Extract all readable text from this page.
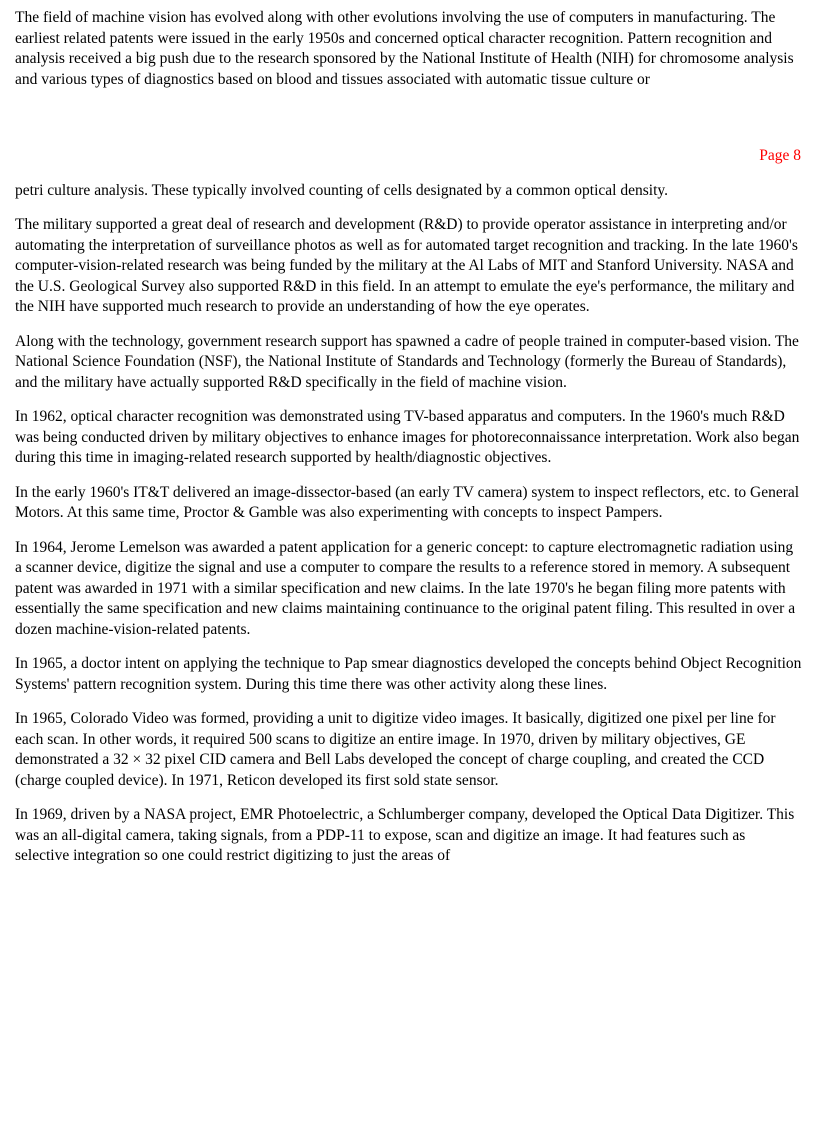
The field of machine vision has evolved along with other evolutions involving the use of computers in manufacturing. The earliest related patents were issued in the early 1950s and concerned optical character recognition. Pattern recognition and analysis received a big push due to the research sponsored by the National Institute of Health (NIH) for chromosome analysis and various types of diagnostics based on blood and tissues associated with automatic tissue culture or

Page 8

petri culture analysis. These typically involved counting of cells designated by a common optical density.

The military supported a great deal of research and development (R&D) to provide operator assistance in interpreting and/or automating the interpretation of surveillance photos as well as for automated target recognition and tracking. In the late 1960's computer-vision-related research was being funded by the military at the Al Labs of MIT and Stanford University. NASA and the U.S. Geological Survey also supported R&D in this field. In an attempt to emulate the eye's performance, the military and the NIH have supported much research to provide an understanding of how the eye operates.

Along with the technology, government research support has spawned a cadre of people trained in computer-based vision. The National Science Foundation (NSF), the National Institute of Standards and Technology (formerly the Bureau of Standards), and the military have actually supported R&D specifically in the field of machine vision.

In 1962, optical character recognition was demonstrated using TV-based apparatus and computers. In the 1960's much R&D was being conducted driven by military objectives to enhance images for photoreconnaissance interpretation. Work also began during this time in imaging-related research supported by health/diagnostic objectives.

In the early 1960's IT&T delivered an image-dissector-based (an early TV camera) system to inspect reflectors, etc. to General Motors. At this same time, Proctor & Gamble was also experimenting with concepts to inspect Pampers.

In 1964, Jerome Lemelson was awarded a patent application for a generic concept: to capture electromagnetic radiation using a scanner device, digitize the signal and use a computer to compare the results to a reference stored in memory. A subsequent patent was awarded in 1971 with a similar specification and new claims. In the late 1970's he began filing more patents with essentially the same specification and new claims maintaining continuance to the original patent filing. This resulted in over a dozen machine-vision-related patents.

In 1965, a doctor intent on applying the technique to Pap smear diagnostics developed the concepts behind Object Recognition Systems' pattern recognition system. During this time there was other activity along these lines.

In 1965, Colorado Video was formed, providing a unit to digitize video images. It basically, digitized one pixel per line for each scan. In other words, it required 500 scans to digitize an entire image. In 1970, driven by military objectives, GE demonstrated a 32 × 32 pixel CID camera and Bell Labs developed the concept of charge coupling, and created the CCD (charge coupled device). In 1971, Reticon developed its first sold state sensor.

In 1969, driven by a NASA project, EMR Photoelectric, a Schlumberger company, developed the Optical Data Digitizer. This was an all-digital camera, taking signals, from a PDP-11 to expose, scan and digitize an image. It had features such as selective integration so one could restrict digitizing to just the areas of
